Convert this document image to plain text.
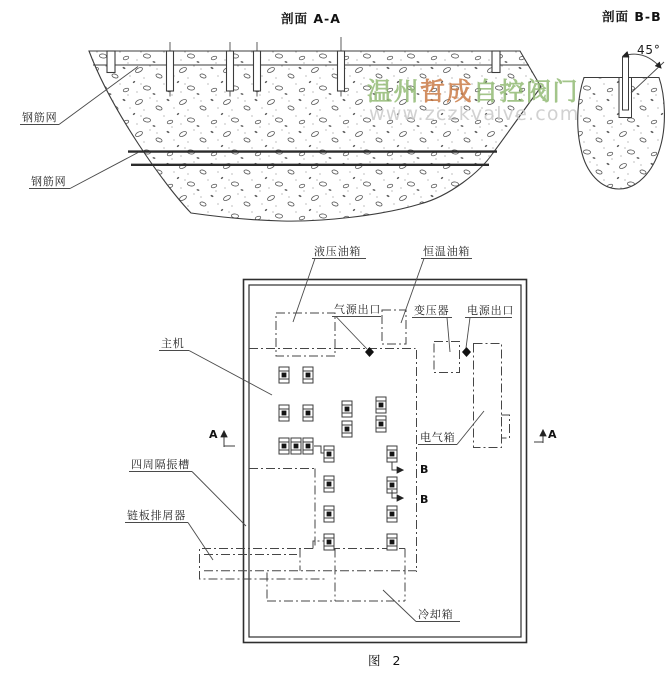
剖面 A-A
钢筋网
钢筋网
剖面 B-B
45°
温州哲成自控阀门
www.zczkvalve.com
A	A
B
B
液压油箱	恒温油箱
气源出口	变压器 电源出口
主机
电气箱
四周隔振槽
链板排屑器
冷却箱
图 2
